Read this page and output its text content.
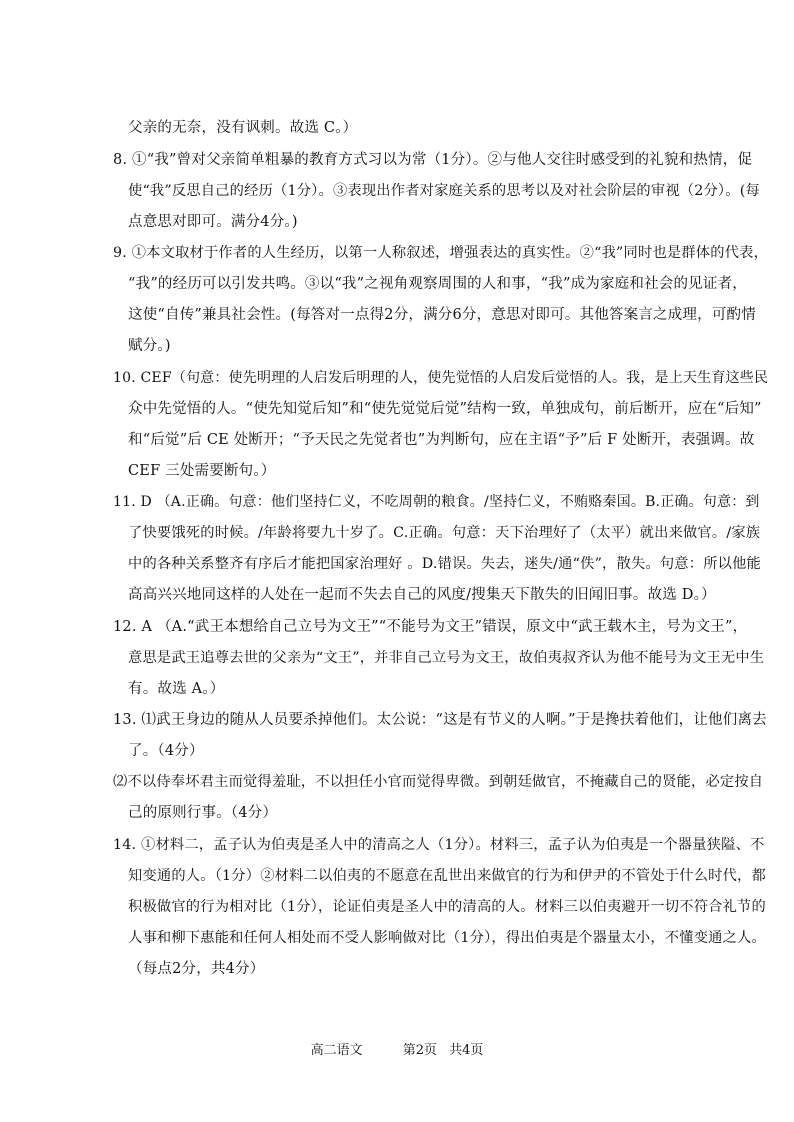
父亲的无奈，没有讽刺。故选 C。）
8. ①“我”曾对父亲简单粗暴的教育方式习以为常（1分）。②与他人交往时感受到的礼貌和热情，促
使“我”反思自己的经历（1分）。③表现出作者对家庭关系的思考以及对社会阶层的审视（2分）。(每
点意思对即可。满分4分。)
9. ①本文取材于作者的人生经历，以第一人称叙述，增强表达的真实性。②“我”同时也是群体的代表，
“我”的经历可以引发共鸣。③以“我”之视角观察周围的人和事，“我”成为家庭和社会的见证者，
这使“自传”兼具社会性。(每答对一点得2分，满分6分，意思对即可。其他答案言之成理，可酌情
赋分。)
10. CEF（句意：使先明理的人启发后明理的人，使先觉悟的人启发后觉悟的人。我，是上天生育这些民
众中先觉悟的人。“使先知觉后知”和“使先觉觉后觉”结构一致，单独成句，前后断开，应在“后知”
和“后觉”后 CE 处断开；“予天民之先觉者也”为判断句，应在主语“予”后 F 处断开，表强调。故
CEF 三处需要断句。）
11. D （A.正确。句意：他们坚持仁义，不吃周朝的粮食。/坚持仁义，不贿赂秦国。B.正确。句意：到
了快要饿死的时候。/年龄将要九十岁了。C.正确。句意：天下治理好了（太平）就出来做官。/家族
中的各种关系整齐有序后才能把国家治理好 。D.错误。失去，迷失/通“佚”，散失。句意：所以他能
高高兴兴地同这样的人处在一起而不失去自己的风度/搜集天下散失的旧闻旧事。故选 D。）
12. A （A.“武王本想给自己立号为文王”“不能号为文王”错误，原文中“武王载木主，号为文王”，
意思是武王追尊去世的父亲为“文王”，并非自己立号为文王，故伯夷叔齐认为他不能号为文王无中生
有。故选 A。）
13. ⑴武王身边的随从人员要杀掉他们。太公说：“这是有节义的人啊。”于是搀扶着他们，让他们离去
了。（4分）
⑵不以侍奉坏君主而觉得羞耻，不以担任小官而觉得卑微。到朝廷做官，不掩藏自己的贤能，必定按自
己的原则行事。（4分）
14. ①材料二，孟子认为伯夷是圣人中的清高之人（1分）。材料三，孟子认为伯夷是一个器量狭隘、不
知变通的人。（1分）②材料二以伯夷的不愿意在乱世出来做官的行为和伊尹的不管处于什么时代，都
积极做官的行为相对比（1分），论证伯夷是圣人中的清高的人。材料三以伯夷避开一切不符合礼节的
人事和柳下惠能和任何人相处而不受人影响做对比（1分），得出伯夷是个器量太小，不懂变通之人。
（每点2分，共4分）
高二语文	第2页 共4页
